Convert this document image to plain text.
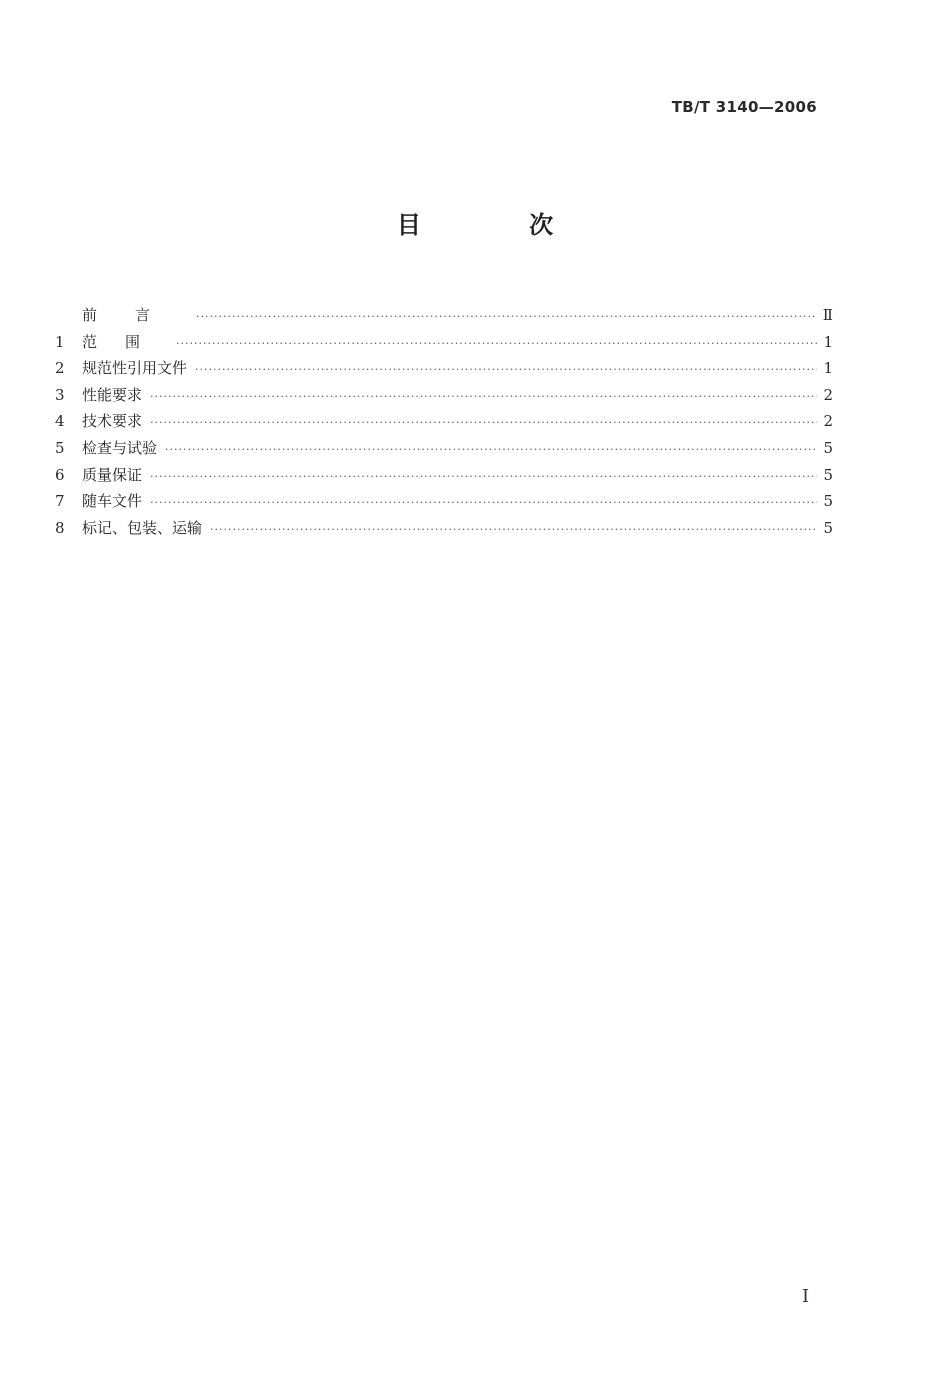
TB/T 3140—2006
目 次
前言 ·····	Ⅱ
1	范围 ·····	1
2	规范性引用文件 ·····	1
3	性能要求 ·····	2
4	技术要求 ·····	2
5	检查与试验 ·····	5
6	质量保证 ·····	5
7	随车文件 ·····	5
8	标记、包装、运输 ·····	5
I
